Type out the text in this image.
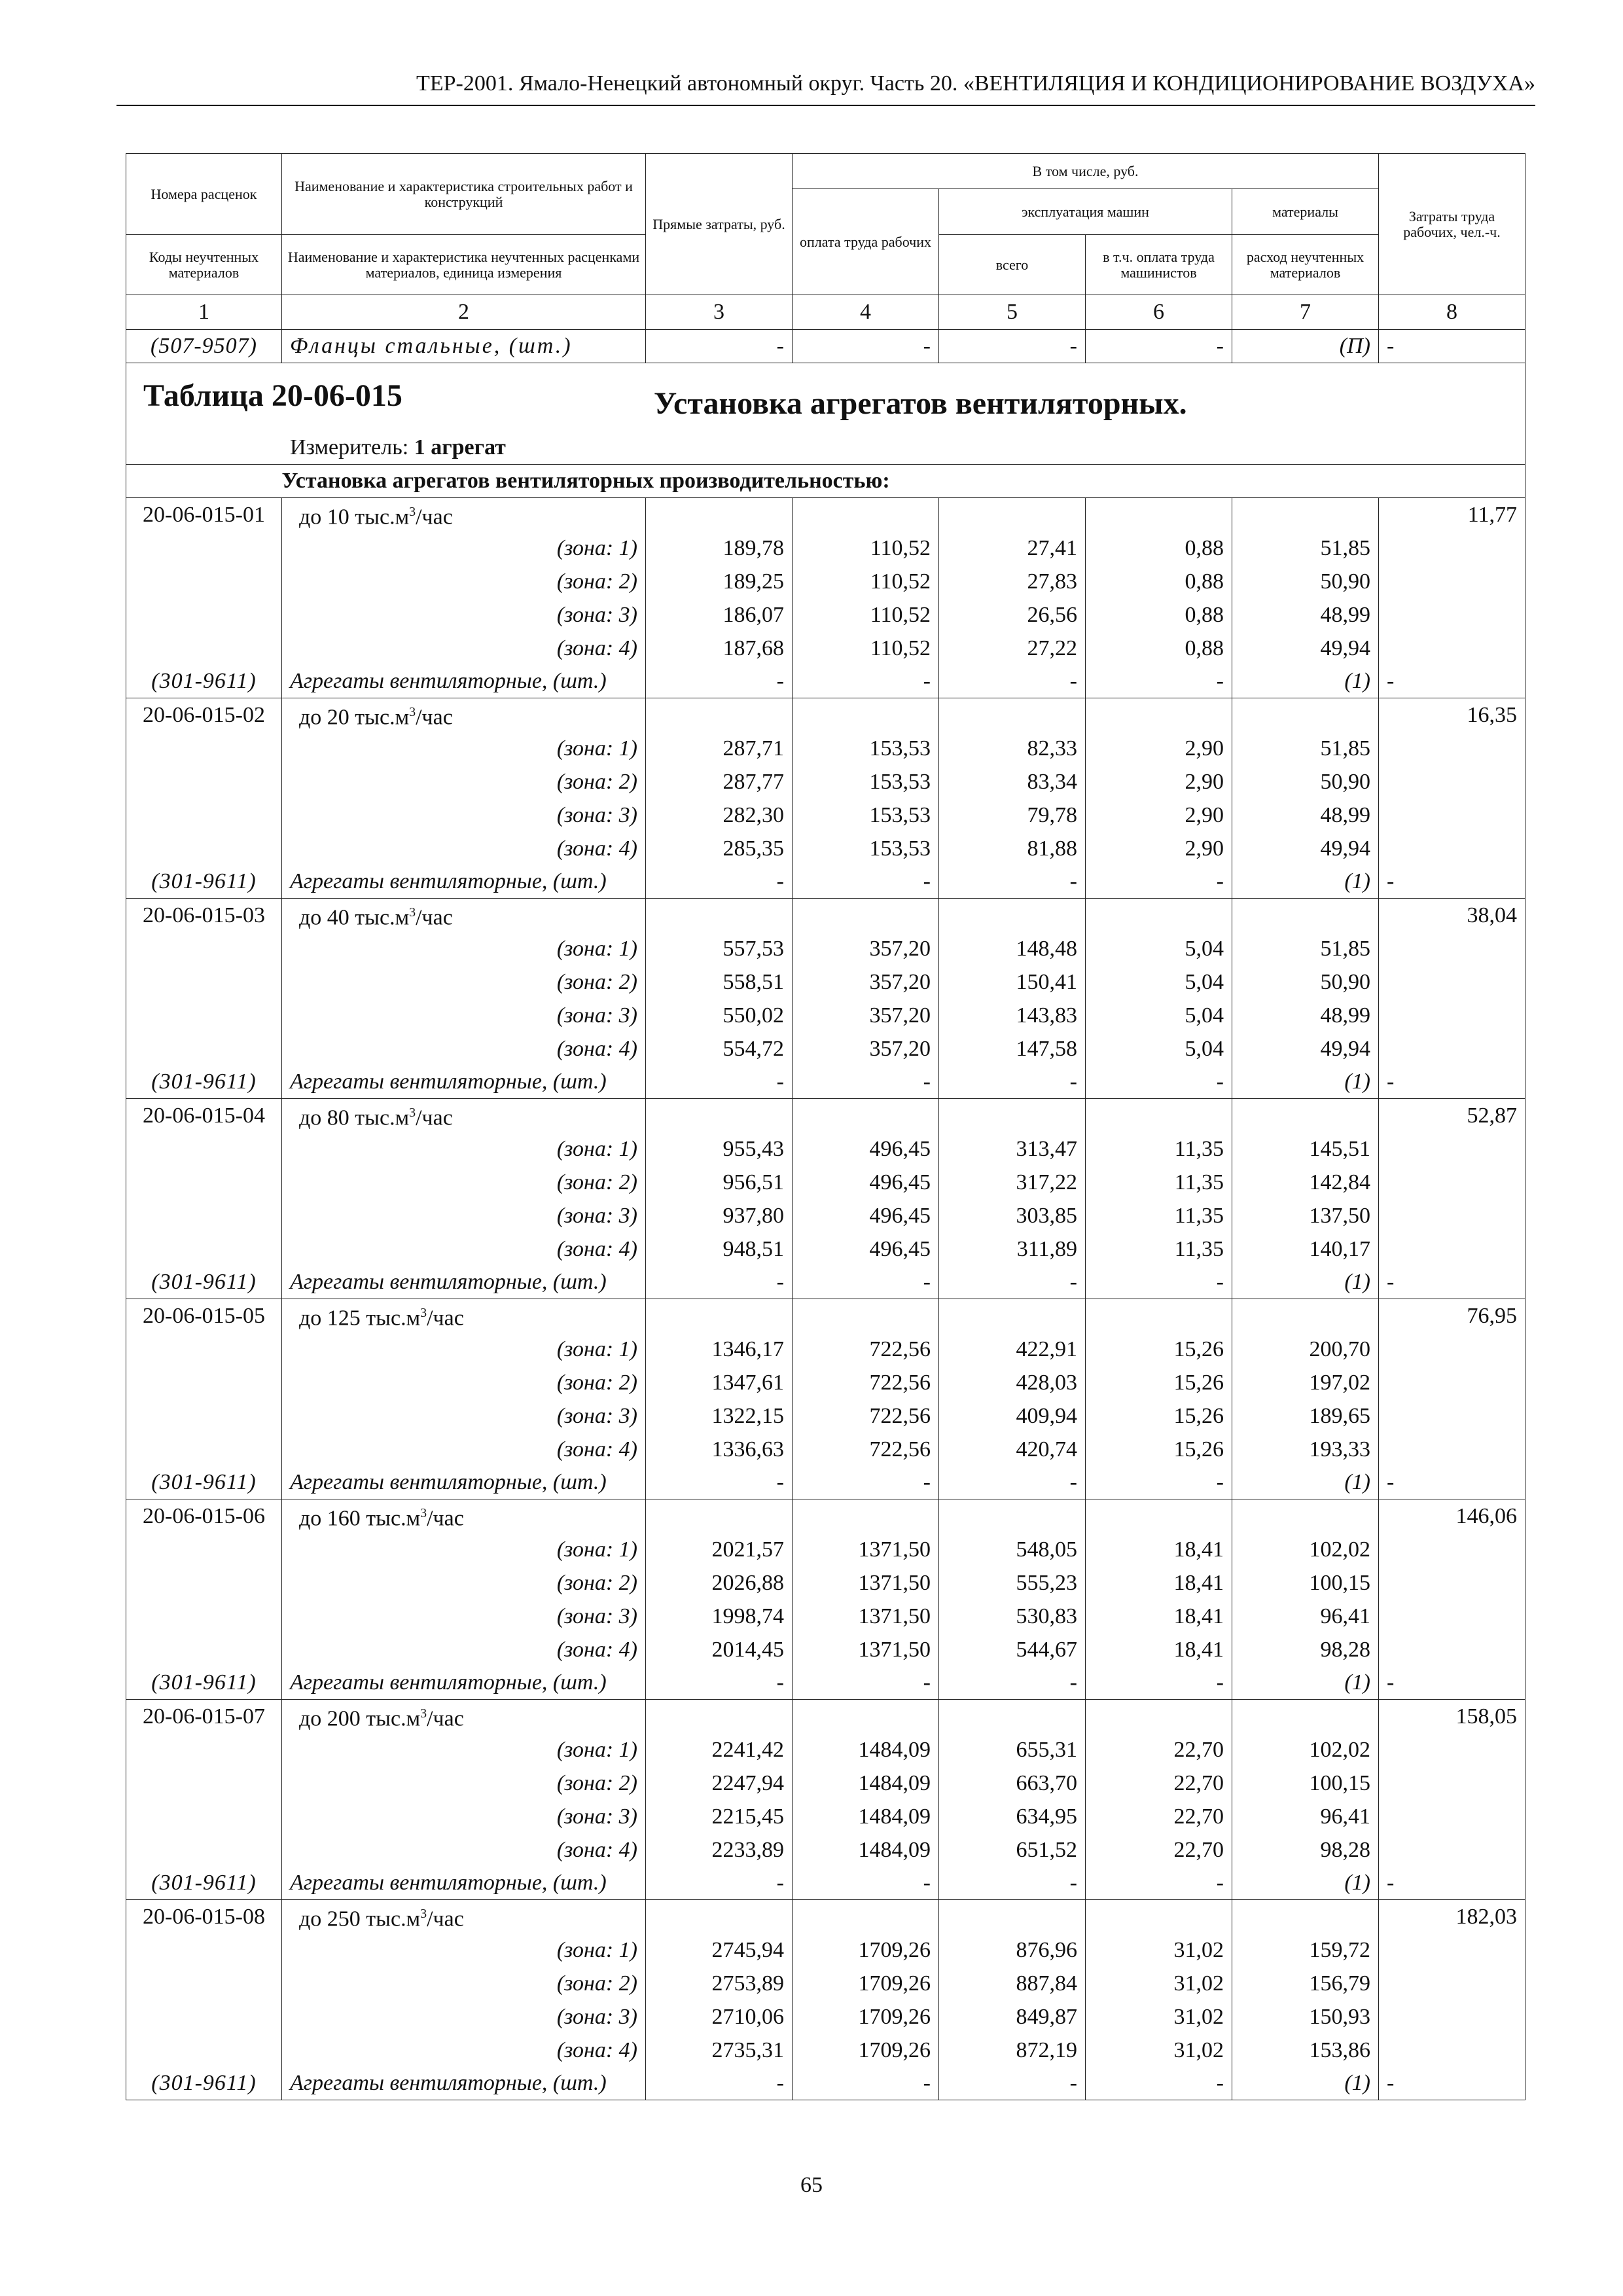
ТЕР-2001. Ямало-Ненецкий автономный округ. Часть 20. «ВЕНТИЛЯЦИЯ И КОНДИЦИОНИРОВАНИЕ ВОЗДУХА»
Номера расценок	Наименование и характеристика строительных работ и конструкций	Прямые затраты, руб.	В том числе, руб.				Затраты труда рабочих, чел.-ч.
			оплата труда рабочих	эксплуатация машин		материалы	
Коды неучтенных материалов	Наименование и характеристика неучтенных расценками материалов, единица измерения			всего	в т.ч. оплата труда машинистов	расход неучтенных материалов	

1	2	3	4	5	6	7	8
(507-9507)	Фланцы стальные, (шт.)	-	-	-	-	(П)	-
Таблица 20-06-015 Установка агрегатов вентиляторных.							

Измеритель: 1 агрегат							
	Установка агрегатов вентиляторных производительностью:						
20-06-015-01	до 10 $тыс.м^3$/час						11,77
	(зона: 1)	189,78	110,52	27,41	0,88	51,85	
	(зона: 2)	189,25	110,52	27,83	0,88	50,90	
	(зона: 3)	186,07	110,52	26,56	0,88	48,99	
	(зона: 4)	187,68	110,52	27,22	0,88	49,94	
(301-9611)	Агрегаты вентиляторные, (шт.)	-	-	-	-	(1)	-
20-06-015-02	до 20 $тыс.м^3$/час						16,35
	(зона: 1)	287,71	153,53	82,33	2,90	51,85	
	(зона: 2)	287,77	153,53	83,34	2,90	50,90	
	(зона: 3)	282,30	153,53	79,78	2,90	48,99	
	(зона: 4)	285,35	153,53	81,88	2,90	49,94	
(301-9611)	Агрегаты вентиляторные, (шт.)	-	-	-	-	(1)	-
20-06-015-03	до 40 $тыс.м^3$/час						38,04
	(зона: 1)	557,53	357,20	148,48	5,04	51,85	
	(зона: 2)	558,51	357,20	150,41	5,04	50,90	
	(зона: 3)	550,02	357,20	143,83	5,04	48,99	
	(зона: 4)	554,72	357,20	147,58	5,04	49,94	
(301-9611)	Агрегаты вентиляторные, (шт.)	-	-	-	-	(1)	-
20-06-015-04	до 80 $тыс.м^3$/час						52,87
	(зона: 1)	955,43	496,45	313,47	11,35	145,51	
	(зона: 2)	956,51	496,45	317,22	11,35	142,84	
	(зона: 3)	937,80	496,45	303,85	11,35	137,50	
	(зона: 4)	948,51	496,45	311,89	11,35	140,17	
(301-9611)	Агрегаты вентиляторные, (шт.)	-	-	-	-	(1)	-
20-06-015-05	до 125 $тыс.м^3$/час						76,95
	(зона: 1)	1346,17	722,56	422,91	15,26	200,70	
	(зона: 2)	1347,61	722,56	428,03	15,26	197,02	
	(зона: 3)	1322,15	722,56	409,94	15,26	189,65	
	(зона: 4)	1336,63	722,56	420,74	15,26	193,33	
(301-9611)	Агрегаты вентиляторные, (шт.)	-	-	-	-	(1)	-
20-06-015-06	до 160 $тыс.м^3$/час						146,06
	(зона: 1)	2021,57	1371,50	548,05	18,41	102,02	
	(зона: 2)	2026,88	1371,50	555,23	18,41	100,15	
	(зона: 3)	1998,74	1371,50	530,83	18,41	96,41	
	(зона: 4)	2014,45	1371,50	544,67	18,41	98,28	
(301-9611)	Агрегаты вентиляторные, (шт.)	-	-	-	-	(1)	-
20-06-015-07	до 200 $тыс.м^3$/час						158,05
	(зона: 1)	2241,42	1484,09	655,31	22,70	102,02	
	(зона: 2)	2247,94	1484,09	663,70	22,70	100,15	
	(зона: 3)	2215,45	1484,09	634,95	22,70	96,41	
	(зона: 4)	2233,89	1484,09	651,52	22,70	98,28	
(301-9611)	Агрегаты вентиляторные, (шт.)	-	-	-	-	(1)	-
20-06-015-08	до 250 $тыс.м^3$/час						182,03
	(зона: 1)	2745,94	1709,26	876,96	31,02	159,72	
	(зона: 2)	2753,89	1709,26	887,84	31,02	156,79	
	(зона: 3)	2710,06	1709,26	849,87	31,02	150,93	
	(зона: 4)	2735,31	1709,26	872,19	31,02	153,86	
(301-9611)	Агрегаты вентиляторные, (шт.)	-	-	-	-	(1)	-
65
